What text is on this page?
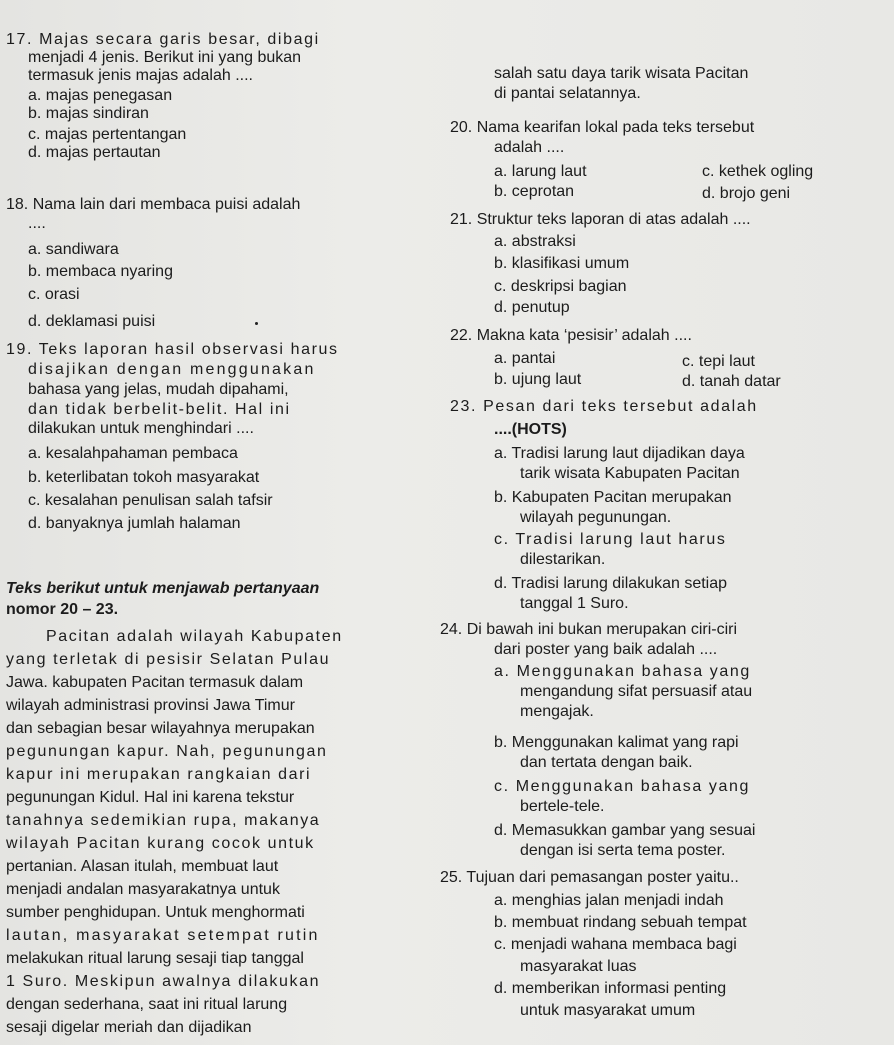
17. Majas secara garis besar, dibagi
menjadi 4 jenis. Berikut ini yang bukan
termasuk jenis majas adalah ....
a. majas penegasan
b. majas sindiran
c. majas pertentangan
d. majas pertautan
18. Nama lain dari membaca puisi adalah
....
a. sandiwara
b. membaca nyaring
c. orasi
d. deklamasi puisi
19. Teks laporan hasil observasi harus
disajikan dengan menggunakan
bahasa yang jelas, mudah dipahami,
dan tidak berbelit-belit. Hal ini
dilakukan untuk menghindari ....
a. kesalahpahaman pembaca
b. keterlibatan tokoh masyarakat
c. kesalahan penulisan salah tafsir
d. banyaknya jumlah halaman
Teks berikut untuk menjawab pertanyaan
nomor 20 – 23.
Pacitan adalah wilayah Kabupaten
yang terletak di pesisir Selatan Pulau
Jawa. kabupaten Pacitan termasuk dalam
wilayah administrasi provinsi Jawa Timur
dan sebagian besar wilayahnya merupakan
pegunungan kapur. Nah, pegunungan
kapur ini merupakan rangkaian dari
pegunungan Kidul. Hal ini karena tekstur
tanahnya sedemikian rupa, makanya
wilayah Pacitan kurang cocok untuk
pertanian. Alasan itulah, membuat laut
menjadi andalan masyarakatnya untuk
sumber penghidupan. Untuk menghormati
lautan, masyarakat setempat rutin
melakukan ritual larung sesaji tiap tanggal
1 Suro. Meskipun awalnya dilakukan
dengan sederhana, saat ini ritual larung
sesaji digelar meriah dan dijadikan
salah satu daya tarik wisata Pacitan
di pantai selatannya.
20. Nama kearifan lokal pada teks tersebut
adalah ....
a. larung laut	c. kethek ogling
b. ceprotan	d. brojo geni
21. Struktur teks laporan di atas adalah ....
a. abstraksi
b. klasifikasi umum
c. deskripsi bagian
d. penutup
22. Makna kata ‘pesisir’ adalah ....
a. pantai	c. tepi laut
b. ujung laut	d. tanah datar
23. Pesan dari teks tersebut adalah
....(HOTS)
a. Tradisi larung laut dijadikan daya
tarik wisata Kabupaten Pacitan
b. Kabupaten Pacitan merupakan
wilayah pegunungan.
c. Tradisi larung laut harus
dilestarikan.
d. Tradisi larung dilakukan setiap
tanggal 1 Suro.
24. Di bawah ini bukan merupakan ciri-ciri
dari poster yang baik adalah ....
a. Menggunakan bahasa yang
mengandung sifat persuasif atau
mengajak.
b. Menggunakan kalimat yang rapi
dan tertata dengan baik.
c. Menggunakan bahasa yang
bertele-tele.
d. Memasukkan gambar yang sesuai
dengan isi serta tema poster.
25. Tujuan dari pemasangan poster yaitu..
a. menghias jalan menjadi indah
b. membuat rindang sebuah tempat
c. menjadi wahana membaca bagi
masyarakat luas
d. memberikan informasi penting
untuk masyarakat umum
